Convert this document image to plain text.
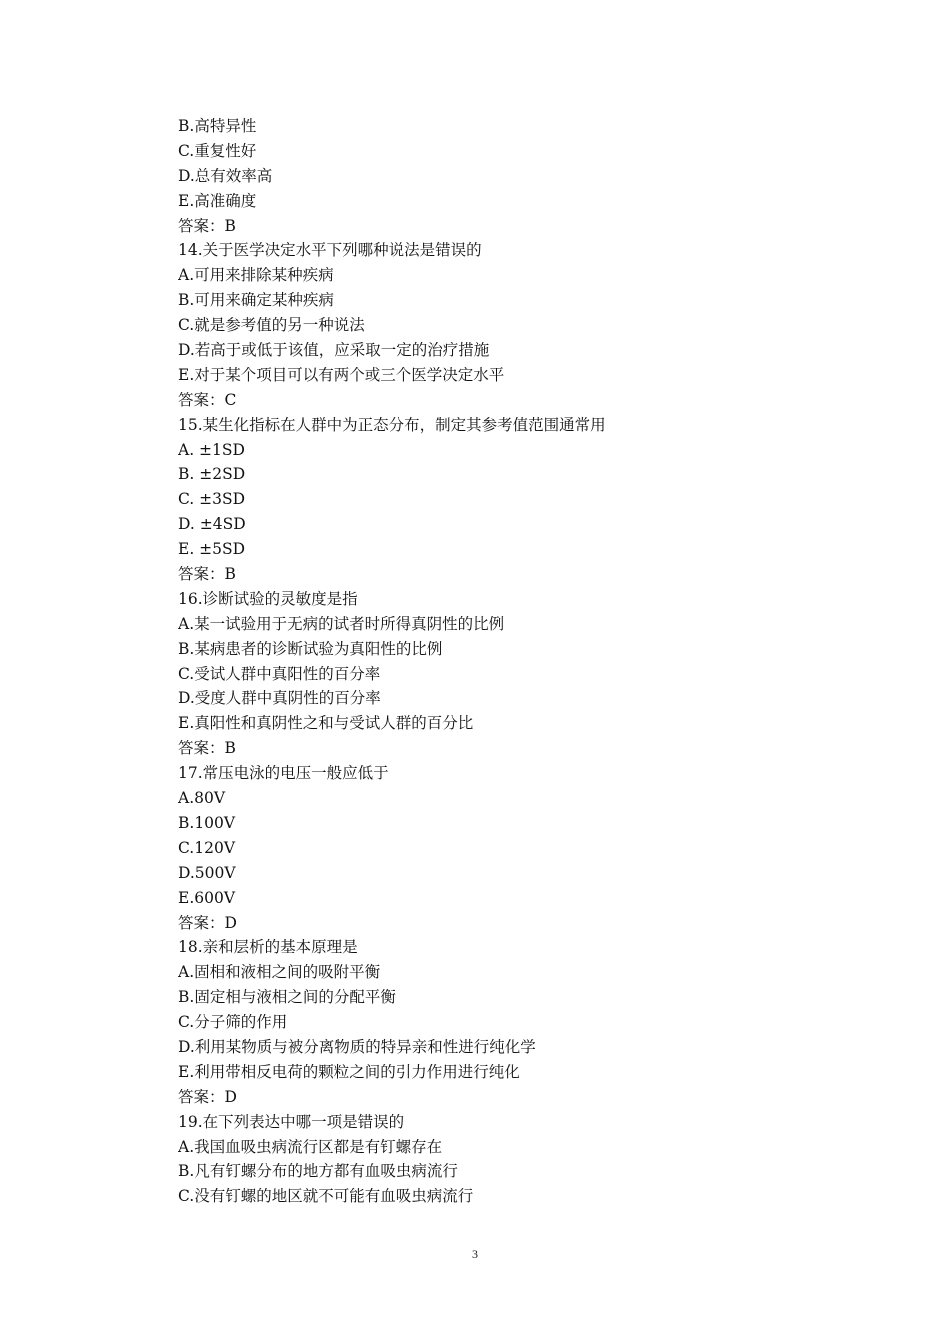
B.高特异性
C.重复性好
D.总有效率高
E.高准确度
答案：B
14.关于医学决定水平下列哪种说法是错误的
A.可用来排除某种疾病
B.可用来确定某种疾病
C.就是参考值的另一种说法
D.若高于或低于该值，应采取一定的治疗措施
E.对于某个项目可以有两个或三个医学决定水平
答案：C
15.某生化指标在人群中为正态分布，制定其参考值范围通常用
A. ±1SD
B. ±2SD
C. ±3SD
D. ±4SD
E. ±5SD
答案：B
16.诊断试验的灵敏度是指
A.某一试验用于无病的试者时所得真阴性的比例
B.某病患者的诊断试验为真阳性的比例
C.受试人群中真阳性的百分率
D.受度人群中真阴性的百分率
E.真阳性和真阴性之和与受试人群的百分比
答案：B
17.常压电泳的电压一般应低于
A.80V
B.100V
C.120V
D.500V
E.600V
答案：D
18.亲和层析的基本原理是
A.固相和液相之间的吸附平衡
B.固定相与液相之间的分配平衡
C.分子筛的作用
D.利用某物质与被分离物质的特异亲和性进行纯化学
E.利用带相反电荷的颗粒之间的引力作用进行纯化
答案：D
19.在下列表达中哪一项是错误的
A.我国血吸虫病流行区都是有钉螺存在
B.凡有钉螺分布的地方都有血吸虫病流行
C.没有钉螺的地区就不可能有血吸虫病流行
3
